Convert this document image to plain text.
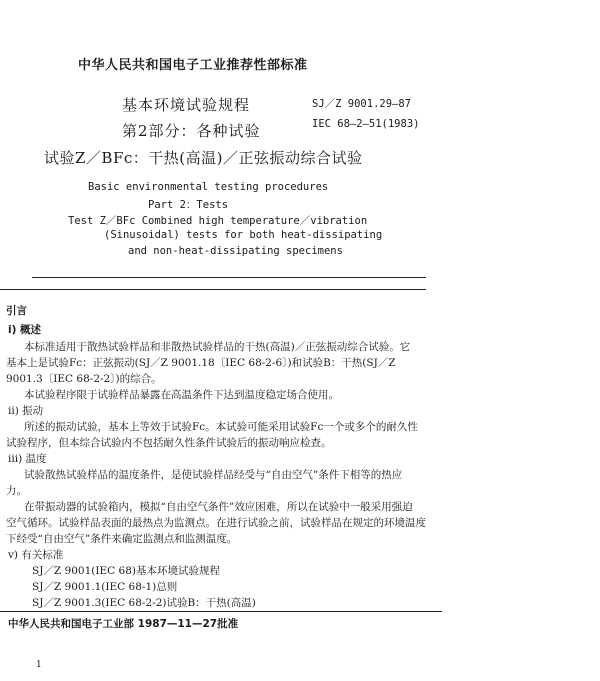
中华人民共和国电子工业推荐性部标准
基本环境试验规程	SJ／Z 9001.29—87
第2部分：各种试验	IEC 68—2—51(1983)
试验Z／BFc：干热(高温)／正弦振动综合试验
Basic environmental testing procedures
Part 2：Tests
Test Z／BFc Combined high temperature／vibration
(Sinusoidal) tests for both heat-dissipating
and non-heat-dissipating specimens
引言
i) 概述
本标准适用于散热试验样品和非散热试验样品的干热(高温)／正弦振动综合试验。它
基本上是试验Fc：正弦振动(SJ／Z 9001.18〔IEC 68-2-6〕)和试验B：干热(SJ／Z
9001.3〔IEC 68-2-2〕)的综合。
本试验程序限于试验样品暴露在高温条件下达到温度稳定场合使用。
ii) 振动
所述的振动试验，基本上等效于试验Fc。本试验可能采用试验Fc一个或多个的耐久性
试验程序，但本综合试验内不包括耐久性条件试验后的振动响应检查。
iii) 温度
试验散热试验样品的温度条件，是使试验样品经受与“自由空气”条件下相等的热应
力。
在带振动器的试验箱内，模拟“自由空气条件”效应困难，所以在试验中一般采用强迫
空气循环。试验样品表面的最热点为监测点。在进行试验之前，试验样品在规定的环境温度
下经受“自由空气”条件来确定监测点和监测温度。
v) 有关标准
SJ／Z 9001(IEC 68)基本环境试验规程
SJ／Z 9001.1(IEC 68-1)总则
SJ／Z 9001.3(IEC 68-2-2)试验B：干热(高温)
中华人民共和国电子工业部 1987—11—27批准
1
